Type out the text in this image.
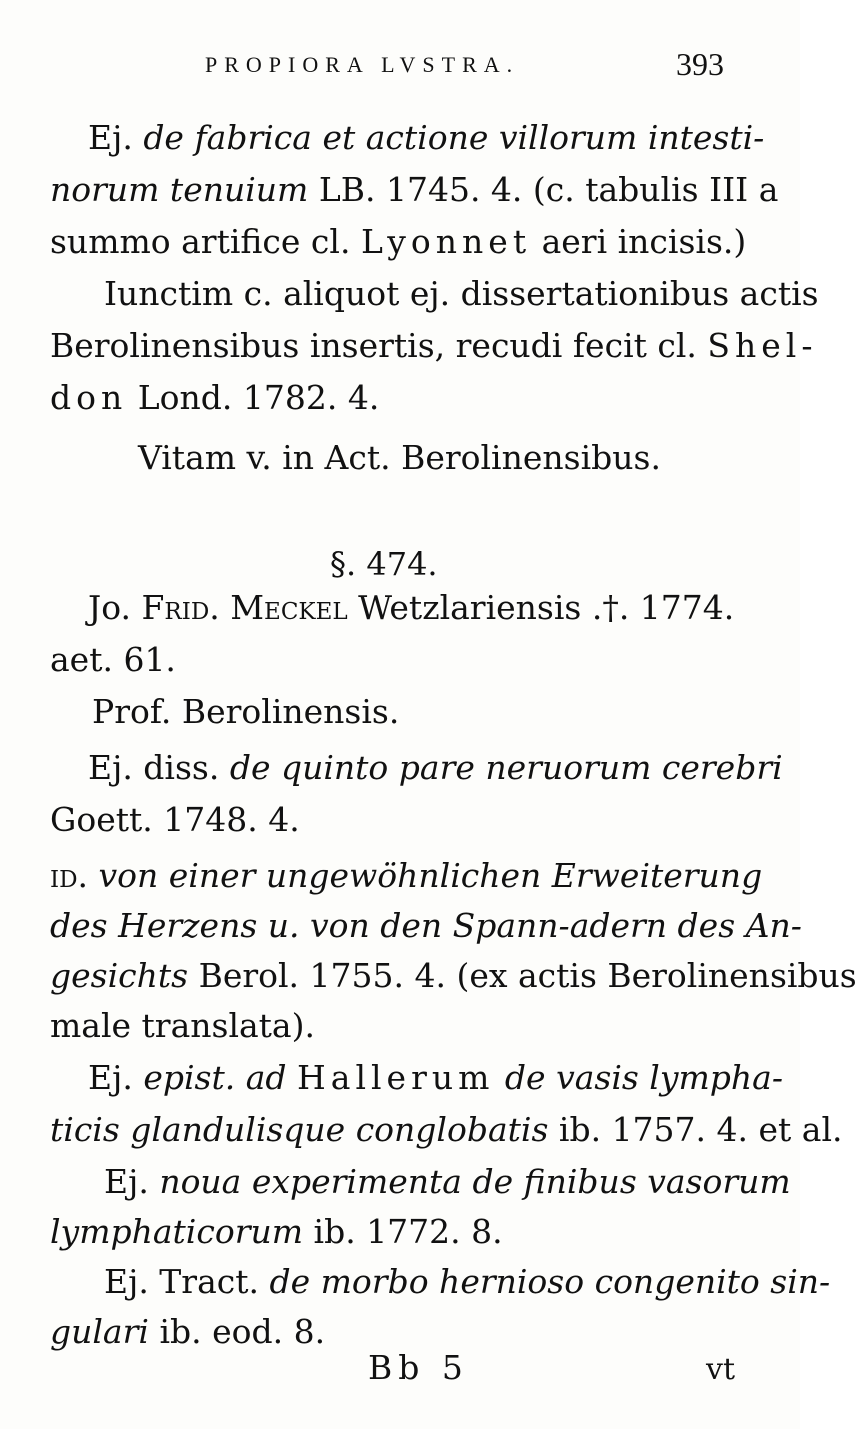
PROPIORA LVSTRA.	393
Ej. de fabrica et actione villorum intesti-
norum tenuium LB. 1745. 4. (c. tabulis III a
summo artifice cl. Lyonnet aeri incisis.)
Iunctim c. aliquot ej. dissertationibus actis
Berolinensibus insertis, recudi fecit cl. Shel-
don Lond. 1782. 4.
Vitam v. in Act. Berolinensibus.
§. 474.
Jo. Frid. Meckel Wetzlariensis .†. 1774.
aet. 61.
Prof. Berolinensis.
Ej. diss. de quinto pare neruorum cerebri
Goett. 1748. 4.
id. von einer ungewöhnlichen Erweiterung
des Herzens u. von den Spann-adern des An-
gesichts Berol. 1755. 4. (ex actis Berolinensibus
male translata).
Ej. epist. ad Hallerum de vasis lympha-
ticis glandulisque conglobatis ib. 1757. 4. et al.
Ej. noua experimenta de finibus vasorum
lymphaticorum ib. 1772. 8.
Ej. Tract. de morbo hernioso congenito sin-
gulari ib. eod. 8.
Bb 5	vt
